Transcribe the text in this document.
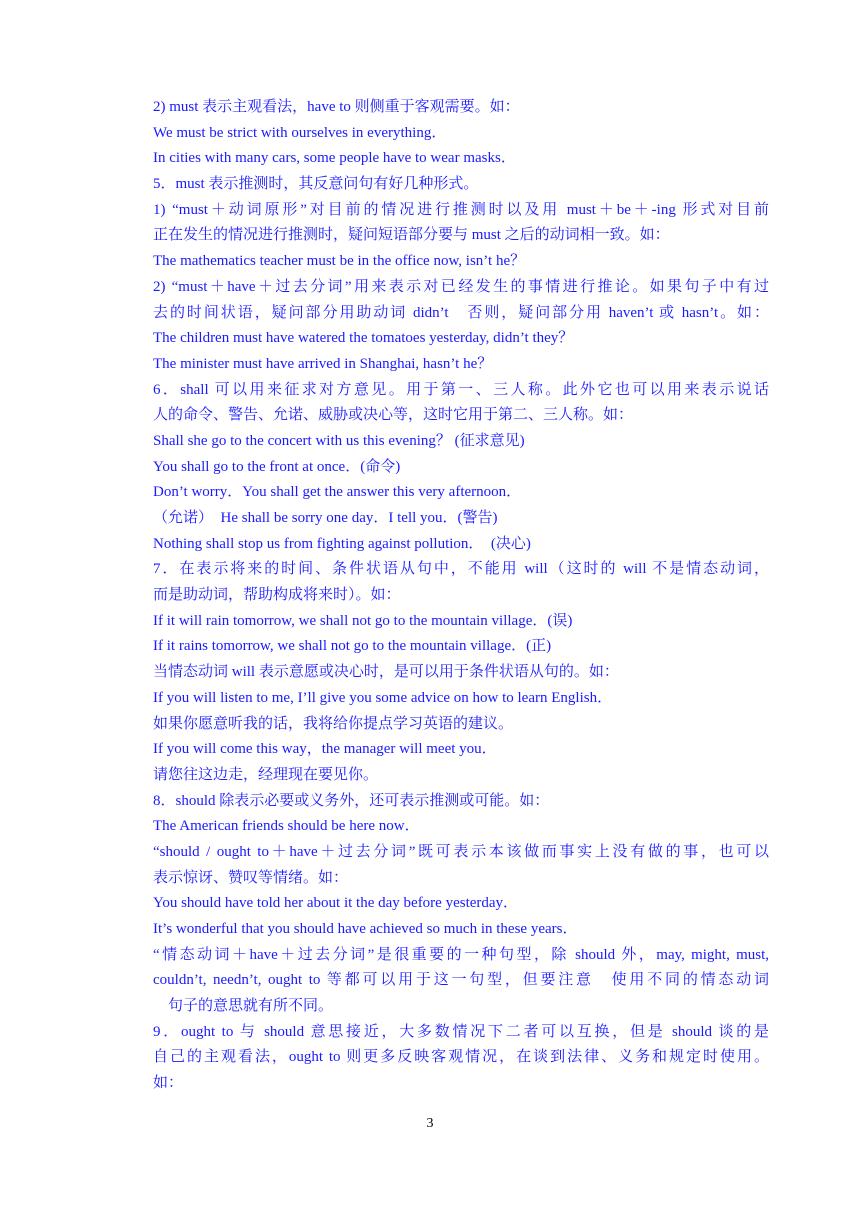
2) must 表示主观看法，have to 则侧重于客观需要。如：
We must be strict with ourselves in everything．
In cities with many cars, some people have to wear masks．
5．must 表示推测时，其反意问句有好几种形式。
1) “must＋动词原形”对目前的情况进行推测时以及用 must＋be＋-ing 形式对目前
正在发生的情况进行推测时，疑问短语部分要与 must 之后的动词相一致。如：
The mathematics teacher must be in the office now, isn’t he？
2) “must＋have＋过去分词”用来表示对已经发生的事情进行推论。如果句子中有过
去的时间状语，疑问部分用助动词 didn’t　否则，疑问部分用 haven’t 或 hasn’t。如：
The children must have watered the tomatoes yesterday, didn’t they？
The minister must have arrived in Shanghai, hasn’t he？
6．shall 可以用来征求对方意见。用于第一、三人称。此外它也可以用来表示说话
人的命令、警告、允诺、威胁或决心等，这时它用于第二、三人称。如：
Shall she go to the concert with us this evening？ (征求意见)
You shall go to the front at once．(命令)
Don’t worry．You shall get the answer this very afternoon．
（允诺）　He shall be sorry one day．I tell you．(警告)
Nothing shall stop us from fighting against pollution．　(决心)
7．在表示将来的时间、条件状语从句中，不能用 will（这时的 will 不是情态动词，
而是助动词，帮助构成将来时）。如：
If it will rain tomorrow, we shall not go to the mountain village．(误)
If it rains tomorrow, we shall not go to the mountain village．(正)
当情态动词 will 表示意愿或决心时，是可以用于条件状语从句的。如：
If you will listen to me, I’ll give you some advice on how to learn English．
如果你愿意听我的话，我将给你提点学习英语的建议。
If you will come this way，the manager will meet you．
请您往这边走，经理现在要见你。
8．should 除表示必要或义务外，还可表示推测或可能。如：
The American friends should be here now．
“should / ought to＋have＋过去分词”既可表示本该做而事实上没有做的事，也可以
表示惊讶、赞叹等情绪。如：
You should have told her about it the day before yesterday．
It’s wonderful that you should have achieved so much in these years．
“情态动词＋have＋过去分词”是很重要的一种句型，除 should 外，may, might, must,
couldn’t, needn’t, ought to 等都可以用于这一句型，但要注意　使用不同的情态动词
　句子的意思就有所不同。
9．ought to 与 should 意思接近，大多数情况下二者可以互换，但是 should 谈的是
自己的主观看法，ought to 则更多反映客观情况，在谈到法律、义务和规定时使用。
如：
3
